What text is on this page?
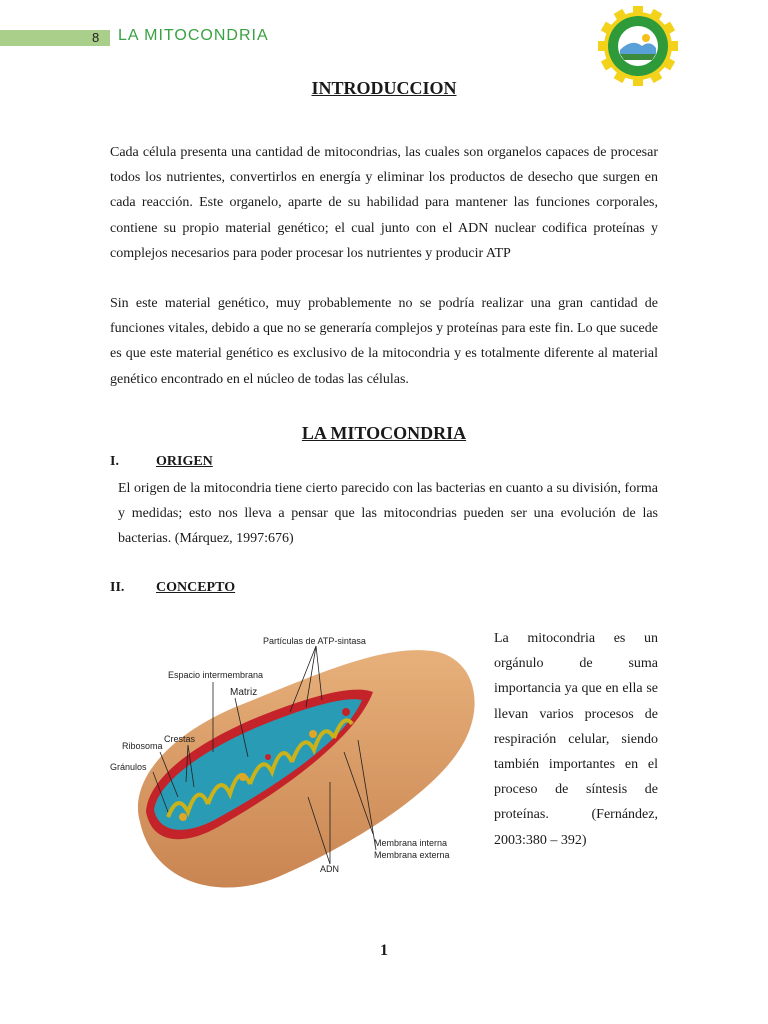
8 LA MITOCONDRIA
INTRODUCCION

Cada célula presenta una cantidad de mitocondrias, las cuales son organelos capaces de procesar todos los nutrientes, convertirlos en energía y eliminar los productos de desecho que surgen en cada reacción. Este organelo, aparte de su habilidad para mantener las funciones corporales, contiene su propio material genético; el cual junto con el ADN nuclear codifica proteínas y complejos necesarios para poder procesar los nutrientes y producir ATP

Sin este material genético, muy probablemente no se podría realizar una gran cantidad de funciones vitales, debido a que no se generaría complejos y proteínas para este fin. Lo que sucede es que este material genético es exclusivo de la mitocondria y es totalmente diferente al material genético encontrado en el núcleo de todas las células.

LA MITOCONDRIA
I.	ORIGEN

El origen de la mitocondria tiene cierto parecido con las bacterias en cuanto a su división, forma y medidas; esto nos lleva a pensar que las mitocondrias pueden ser una evolución de las bacterias. (Márquez, 1997:676)

II. CONCEPTO
Partículas de ATP-sintasa
Espacio intermembrana
Matriz
Crestas
Ribosoma
Gránulos
ADN
Membrana interna
Membrana externa

La mitocondria es un orgánulo de suma importancia ya que en ella se llevan varios procesos de respiración celular, siendo también importantes en el proceso de síntesis de proteínas. (Fernández, 2003:380 – 392)

1
